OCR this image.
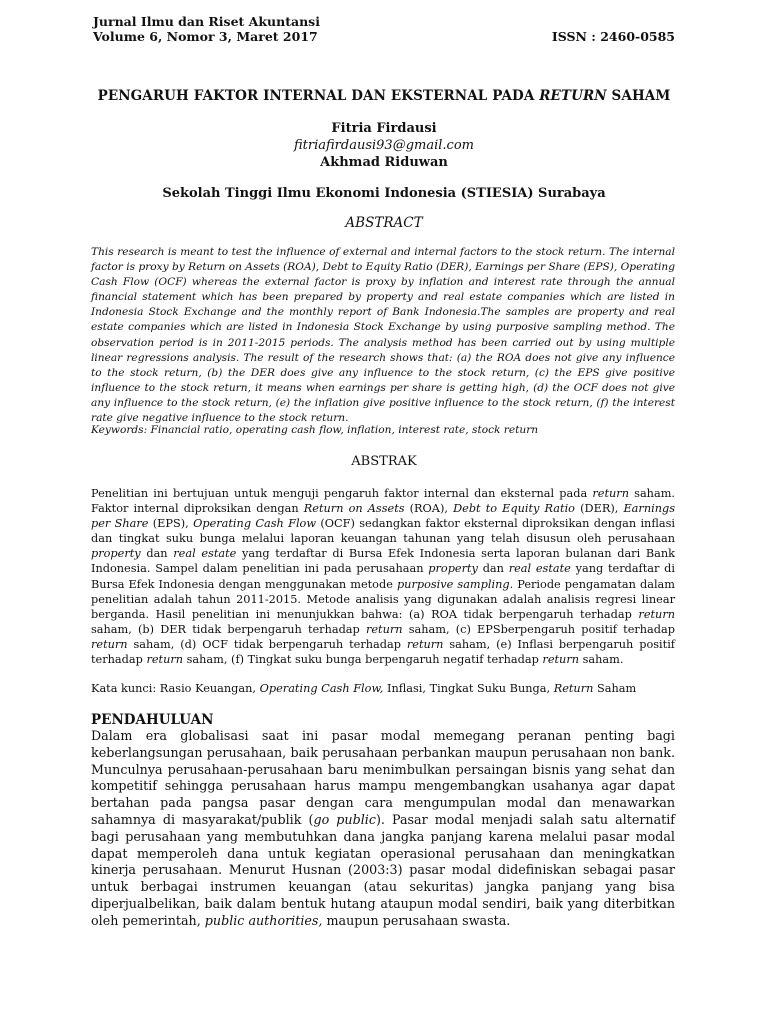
Jurnal Ilmu dan Riset Akuntansi
Volume 6, Nomor 3, Maret 2017	ISSN : 2460-0585
PENGARUH FAKTOR INTERNAL DAN EKSTERNAL PADA RETURN SAHAM
Fitria Firdausi
fitriafirdausi93@gmail.com
Akhmad Riduwan
Sekolah Tinggi Ilmu Ekonomi Indonesia (STIESIA) Surabaya
ABSTRACT
This research is meant to test the influence of external and internal factors to the stock return. The internal factor is proxy by Return on Assets (ROA), Debt to Equity Ratio (DER), Earnings per Share (EPS), Operating Cash Flow (OCF) whereas the external factor is proxy by inflation and interest rate through the annual financial statement which has been prepared by property and real estate companies which are listed in Indonesia Stock Exchange and the monthly report of Bank Indonesia.The samples are property and real estate companies which are listed in Indonesia Stock Exchange by using purposive sampling method. The observation period is in 2011-2015 periods. The analysis method has been carried out by using multiple linear regressions analysis. The result of the research shows that: (a) the ROA does not give any influence to the stock return, (b) the DER does give any influence to the stock return, (c) the EPS give positive influence to the stock return, it means when earnings per share is getting high, (d) the OCF does not give any influence to the stock return, (e) the inflation give positive influence to the stock return, (f) the interest rate give negative influence to the stock return.
Keywords: Financial ratio, operating cash flow, inflation, interest rate, stock return
ABSTRAK
Penelitian ini bertujuan untuk menguji pengaruh faktor internal dan eksternal pada return saham. Faktor internal diproksikan dengan Return on Assets (ROA), Debt to Equity Ratio (DER), Earnings per Share (EPS), Operating Cash Flow (OCF) sedangkan faktor eksternal diproksikan dengan inflasi dan tingkat suku bunga melalui laporan keuangan tahunan yang telah disusun oleh perusahaan property dan real estate yang terdaftar di Bursa Efek Indonesia serta laporan bulanan dari Bank Indonesia. Sampel dalam penelitian ini pada perusahaan property dan real estate yang terdaftar di Bursa Efek Indonesia dengan menggunakan metode purposive sampling. Periode pengamatan dalam penelitian adalah tahun 2011-2015. Metode analisis yang digunakan adalah analisis regresi linear berganda. Hasil penelitian ini menunjukkan bahwa: (a) ROA tidak berpengaruh terhadap return saham, (b) DER tidak berpengaruh terhadap return saham, (c) EPSberpengaruh positif terhadap return saham, (d) OCF tidak berpengaruh terhadap return saham, (e) Inflasi berpengaruh positif terhadap return saham, (f) Tingkat suku bunga berpengaruh negatif terhadap return saham.
Kata kunci: Rasio Keuangan, Operating Cash Flow, Inflasi, Tingkat Suku Bunga, Return Saham
PENDAHULUAN
Dalam era globalisasi saat ini pasar modal memegang peranan penting bagi keberlangsungan perusahaan, baik perusahaan perbankan maupun perusahaan non bank. Munculnya perusahaan-perusahaan baru menimbulkan persaingan bisnis yang sehat dan kompetitif sehingga perusahaan harus mampu mengembangkan usahanya agar dapat bertahan pada pangsa pasar dengan cara mengumpulan modal dan menawarkan sahamnya di masyarakat/publik (go public). Pasar modal menjadi salah satu alternatif bagi perusahaan yang membutuhkan dana jangka panjang karena melalui pasar modal dapat memperoleh dana untuk kegiatan operasional perusahaan dan meningkatkan kinerja perusahaan. Menurut Husnan (2003:3) pasar modal didefiniskan sebagai pasar untuk berbagai instrumen keuangan (atau sekuritas) jangka panjang yang bisa diperjualbelikan, baik dalam bentuk hutang ataupun modal sendiri, baik yang diterbitkan oleh pemerintah, public authorities, maupun perusahaan swasta.
